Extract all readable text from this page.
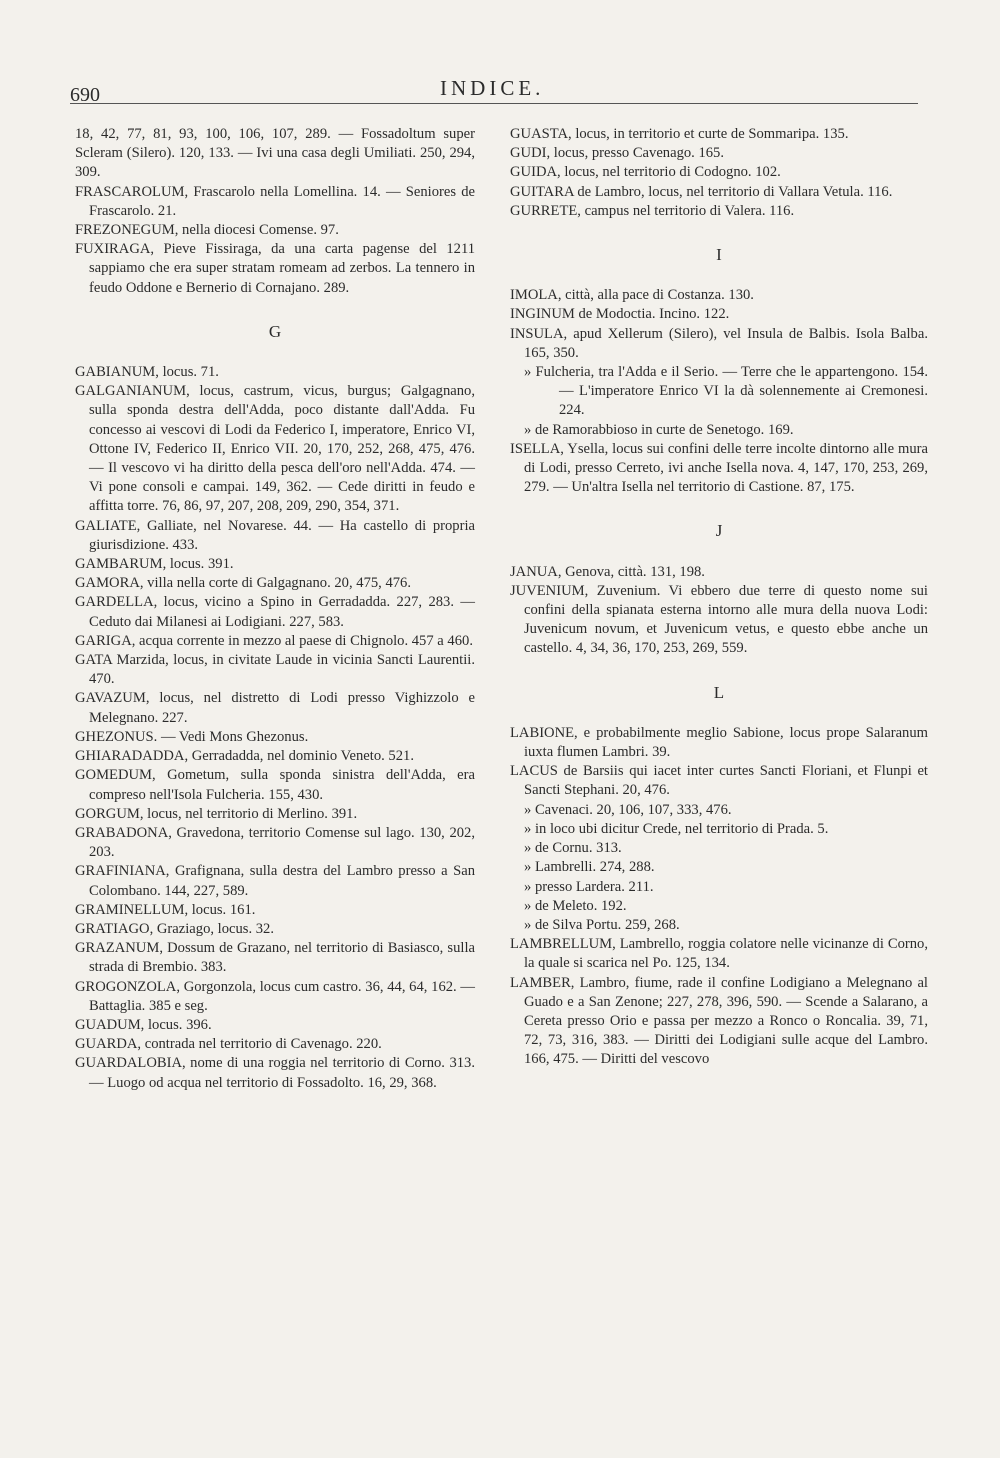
690	INDICE.
18, 42, 77, 81, 93, 100, 106, 107, 289. — Fossadoltum super Scleram (Silero). 120, 133. — Ivi una casa degli Umiliati. 250, 294, 309.
FRASCAROLUM, Frascarolo nella Lomellina. 14. — Seniores de Frascarolo. 21.
FREZONEGUM, nella diocesi Comense. 97.
FUXIRAGA, Pieve Fissiraga, da una carta pagense del 1211 sappiamo che era super stratam romeam ad zerbos. La tennero in feudo Oddone e Bernerio di Cornajano. 289.
G
GABIANUM, locus. 71.
GALGANIANUM, locus, castrum, vicus, burgus; Galgagnano, sulla sponda destra dell'Adda, poco distante dall'Adda. Fu concesso ai vescovi di Lodi da Federico I, imperatore, Enrico VI, Ottone IV, Federico II, Enrico VII. 20, 170, 252, 268, 475, 476. — Il vescovo vi ha diritto della pesca dell'oro nell'Adda. 474. — Vi pone consoli e campai. 149, 362. — Cede diritti in feudo e affitta torre. 76, 86, 97, 207, 208, 209, 290, 354, 371.
GALIATE, Galliate, nel Novarese. 44. — Ha castello di propria giurisdizione. 433.
GAMBARUM, locus. 391.
GAMORA, villa nella corte di Galgagnano. 20, 475, 476.
GARDELLA, locus, vicino a Spino in Gerradadda. 227, 283. — Ceduto dai Milanesi ai Lodigiani. 227, 583.
GARIGA, acqua corrente in mezzo al paese di Chignolo. 457 a 460.
GATA Marzida, locus, in civitate Laude in vicinia Sancti Laurentii. 470.
GAVAZUM, locus, nel distretto di Lodi presso Vighizzolo e Melegnano. 227.
GHEZONUS. — Vedi Mons Ghezonus.
GHIARADADDA, Gerradadda, nel dominio Veneto. 521.
GOMEDUM, Gometum, sulla sponda sinistra dell'Adda, era compreso nell'Isola Fulcheria. 155, 430.
GORGUM, locus, nel territorio di Merlino. 391.
GRABADONA, Gravedona, territorio Comense sul lago. 130, 202, 203.
GRAFINIANA, Grafignana, sulla destra del Lambro presso a San Colombano. 144, 227, 589.
GRAMINELLUM, locus. 161.
GRATIAGO, Graziago, locus. 32.
GRAZANUM, Dossum de Grazano, nel territorio di Basiasco, sulla strada di Brembio. 383.
GROGONZOLA, Gorgonzola, locus cum castro. 36, 44, 64, 162. — Battaglia. 385 e seg.
GUADUM, locus. 396.
GUARDA, contrada nel territorio di Cavenago. 220.
GUARDALOBIA, nome di una roggia nel territorio di Corno. 313. — Luogo od acqua nel territorio di Fossadolto. 16, 29, 368.
GUASTA, locus, in territorio et curte de Sommaripa. 135.
GUDI, locus, presso Cavenago. 165.
GUIDA, locus, nel territorio di Codogno. 102.
GUITARA de Lambro, locus, nel territorio di Vallara Vetula. 116.
GURRETE, campus nel territorio di Valera. 116.
I
IMOLA, città, alla pace di Costanza. 130.
INGINUM de Modoctia. Incino. 122.
INSULA, apud Xellerum (Silero), vel Insula de Balbis. Isola Balba. 165, 350.
» Fulcheria, tra l'Adda e il Serio. — Terre che le appartengono. 154. — L'imperatore Enrico VI la dà solennemente ai Cremonesi. 224.
» de Ramorabbioso in curte de Senetogo. 169.
ISELLA, Ysella, locus sui confini delle terre incolte dintorno alle mura di Lodi, presso Cerreto, ivi anche Isella nova. 4, 147, 170, 253, 269, 279. — Un'altra Isella nel territorio di Castione. 87, 175.
J
JANUA, Genova, città. 131, 198.
JUVENIUM, Zuvenium. Vi ebbero due terre di questo nome sui confini della spianata esterna intorno alle mura della nuova Lodi: Juvenicum novum, et Juvenicum vetus, e questo ebbe anche un castello. 4, 34, 36, 170, 253, 269, 559.
L
LABIONE, e probabilmente meglio Sabione, locus prope Salaranum iuxta flumen Lambri. 39.
LACUS de Barsiis qui iacet inter curtes Sancti Floriani, et Flunpi et Sancti Stephani. 20, 476.
» Cavenaci. 20, 106, 107, 333, 476.
» in loco ubi dicitur Crede, nel territorio di Prada. 5.
» de Cornu. 313.
» Lambrelli. 274, 288.
» presso Lardera. 211.
» de Meleto. 192.
» de Silva Portu. 259, 268.
LAMBRELLUM, Lambrello, roggia colatore nelle vicinanze di Corno, la quale si scarica nel Po. 125, 134.
LAMBER, Lambro, fiume, rade il confine Lodigiano a Melegnano al Guado e a San Zenone; 227, 278, 396, 590. — Scende a Salarano, a Cereta presso Orio e passa per mezzo a Ronco o Roncalia. 39, 71, 72, 73, 316, 383. — Diritti dei Lodigiani sulle acque del Lambro. 166, 475. — Diritti del vescovo
